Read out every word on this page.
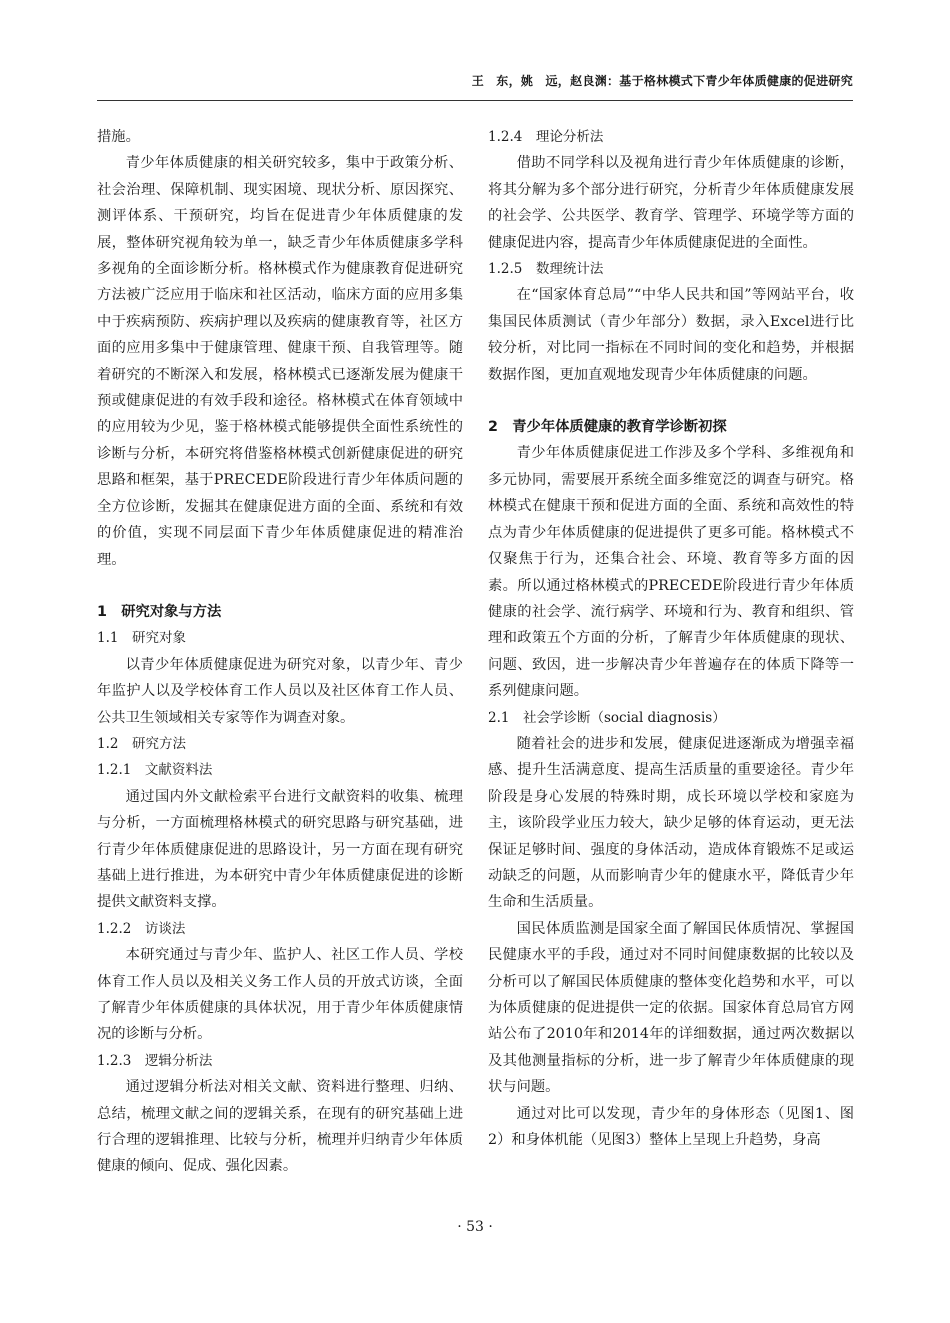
王　东，姚　远，赵良渊：基于格林模式下青少年体质健康的促进研究

措施。

青少年体质健康的相关研究较多，集中于政策分析、社会治理、保障机制、现实困境、现状分析、原因探究、测评体系、干预研究，均旨在促进青少年体质健康的发展，整体研究视角较为单一，缺乏青少年体质健康多学科多视角的全面诊断分析。格林模式作为健康教育促进研究方法被广泛应用于临床和社区活动，临床方面的应用多集中于疾病预防、疾病护理以及疾病的健康教育等，社区方面的应用多集中于健康管理、健康干预、自我管理等。随着研究的不断深入和发展，格林模式已逐渐发展为健康干预或健康促进的有效手段和途径。格林模式在体育领域中的应用较为少见，鉴于格林模式能够提供全面性系统性的诊断与分析，本研究将借鉴格林模式创新健康促进的研究思路和框架，基于PRECEDE阶段进行青少年体质问题的全方位诊断，发掘其在健康促进方面的全面、系统和有效的价值，实现不同层面下青少年体质健康促进的精准治理。

1　研究对象与方法
1.1　研究对象

以青少年体质健康促进为研究对象，以青少年、青少年监护人以及学校体育工作人员以及社区体育工作人员、公共卫生领域相关专家等作为调查对象。

1.2　研究方法
1.2.1　文献资料法

通过国内外文献检索平台进行文献资料的收集、梳理与分析，一方面梳理格林模式的研究思路与研究基础，进行青少年体质健康促进的思路设计，另一方面在现有研究基础上进行推进，为本研究中青少年体质健康促进的诊断提供文献资料支撑。

1.2.2　访谈法

本研究通过与青少年、监护人、社区工作人员、学校体育工作人员以及相关义务工作人员的开放式访谈，全面了解青少年体质健康的具体状况，用于青少年体质健康情况的诊断与分析。

1.2.3　逻辑分析法

通过逻辑分析法对相关文献、资料进行整理、归纳、总结，梳理文献之间的逻辑关系，在现有的研究基础上进行合理的逻辑推理、比较与分析，梳理并归纳青少年体质健康的倾向、促成、强化因素。

1.2.4　理论分析法

借助不同学科以及视角进行青少年体质健康的诊断，将其分解为多个部分进行研究，分析青少年体质健康发展的社会学、公共医学、教育学、管理学、环境学等方面的健康促进内容，提高青少年体质健康促进的全面性。

1.2.5　数理统计法

在“国家体育总局”“中华人民共和国”等网站平台，收集国民体质测试（青少年部分）数据，录入Excel进行比较分析，对比同一指标在不同时间的变化和趋势，并根据数据作图，更加直观地发现青少年体质健康的问题。

2　青少年体质健康的教育学诊断初探

青少年体质健康促进工作涉及多个学科、多维视角和多元协同，需要展开系统全面多维宽泛的调查与研究。格林模式在健康干预和促进方面的全面、系统和高效性的特点为青少年体质健康的促进提供了更多可能。格林模式不仅聚焦于行为，还集合社会、环境、教育等多方面的因素。所以通过格林模式的PRECEDE阶段进行青少年体质健康的社会学、流行病学、环境和行为、教育和组织、管理和政策五个方面的分析，了解青少年体质健康的现状、问题、致因，进一步解决青少年普遍存在的体质下降等一系列健康问题。

2.1　社会学诊断（social diagnosis）

随着社会的进步和发展，健康促进逐渐成为增强幸福感、提升生活满意度、提高生活质量的重要途径。青少年阶段是身心发展的特殊时期，成长环境以学校和家庭为主，该阶段学业压力较大，缺少足够的体育运动，更无法保证足够时间、强度的身体活动，造成体育锻炼不足或运动缺乏的问题，从而影响青少年的健康水平，降低青少年生命和生活质量。

国民体质监测是国家全面了解国民体质情况、掌握国民健康水平的手段，通过对不同时间健康数据的比较以及分析可以了解国民体质健康的整体变化趋势和水平，可以为体质健康的促进提供一定的依据。国家体育总局官方网站公布了2010年和2014年的详细数据，通过两次数据以及其他测量指标的分析，进一步了解青少年体质健康的现状与问题。

通过对比可以发现，青少年的身体形态（见图1、图2）和身体机能（见图3）整体上呈现上升趋势，身高

· 53 ·
